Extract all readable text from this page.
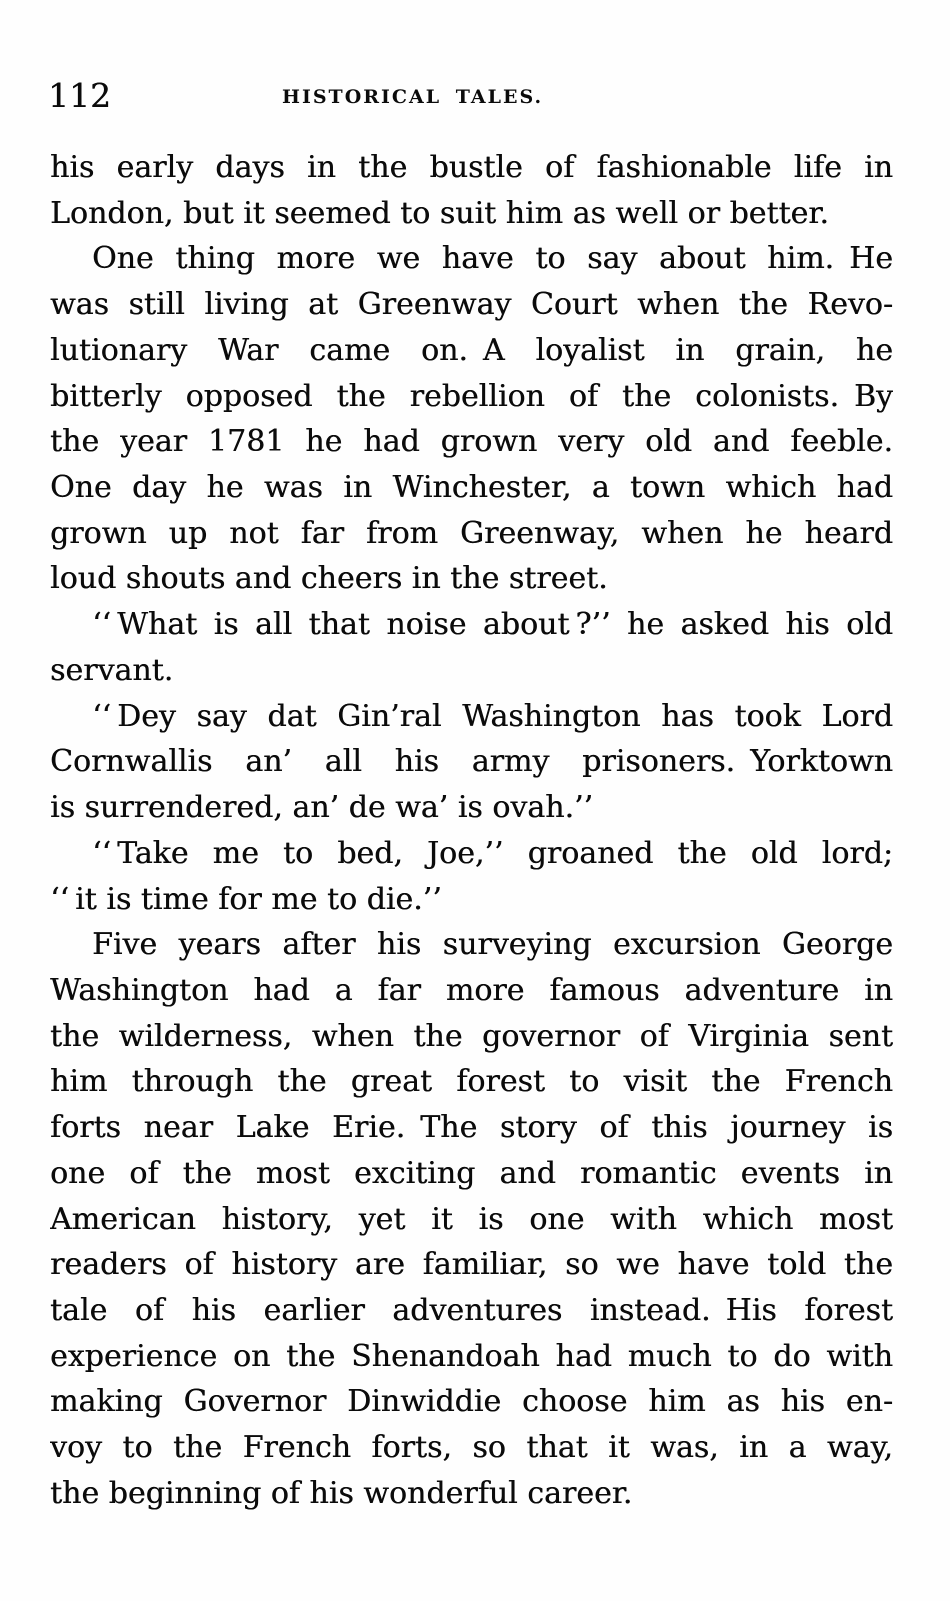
112	HISTORICAL TALES.
his early days in the bustle of fashionable life in
London, but it seemed to suit him as well or better.
One thing more we have to say about him. He
was still living at Greenway Court when the Revo-
lutionary War came on. A loyalist in grain, he
bitterly opposed the rebellion of the colonists. By
the year 1781 he had grown very old and feeble.
One day he was in Winchester, a town which had
grown up not far from Greenway, when he heard
loud shouts and cheers in the street.
‘‘ What is all that noise about ?’’ he asked his old
servant.
‘‘ Dey say dat Gin’ral Washington has took Lord
Cornwallis an’ all his army prisoners. Yorktown
is surrendered, an’ de wa’ is ovah.’’
‘‘ Take me to bed, Joe,’’ groaned the old lord;
‘‘ it is time for me to die.’’
Five years after his surveying excursion George
Washington had a far more famous adventure in
the wilderness, when the governor of Virginia sent
him through the great forest to visit the French
forts near Lake Erie. The story of this journey is
one of the most exciting and romantic events in
American history, yet it is one with which most
readers of history are familiar, so we have told the
tale of his earlier adventures instead. His forest
experience on the Shenandoah had much to do with
making Governor Dinwiddie choose him as his en-
voy to the French forts, so that it was, in a way,
the beginning of his wonderful career.
